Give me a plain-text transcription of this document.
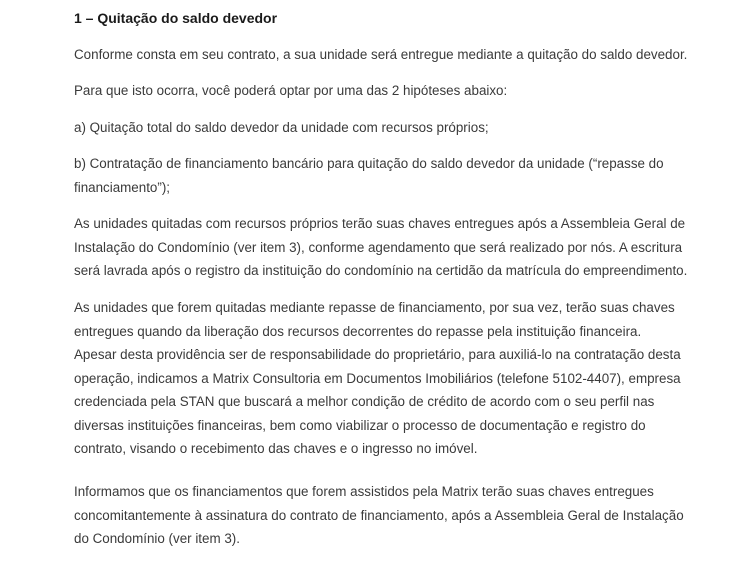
1 – Quitação do saldo devedor

Conforme consta em seu contrato, a sua unidade será entregue mediante a quitação do saldo devedor.

Para que isto ocorra, você poderá optar por uma das 2 hipóteses abaixo:

a) Quitação total do saldo devedor da unidade com recursos próprios;

b) Contratação de financiamento bancário para quitação do saldo devedor da unidade (“repasse do financiamento”);

As unidades quitadas com recursos próprios terão suas chaves entregues após a Assembleia Geral de Instalação do Condomínio (ver item 3), conforme agendamento que será realizado por nós. A escritura será lavrada após o registro da instituição do condomínio na certidão da matrícula do empreendimento.

As unidades que forem quitadas mediante repasse de financiamento, por sua vez, terão suas chaves entregues quando da liberação dos recursos decorrentes do repasse pela instituição financeira. Apesar desta providência ser de responsabilidade do proprietário, para auxiliá-lo na contratação desta operação, indicamos a Matrix Consultoria em Documentos Imobiliários (telefone 5102-4407), empresa credenciada pela STAN que buscará a melhor condição de crédito de acordo com o seu perfil nas diversas instituições financeiras, bem como viabilizar o processo de documentação e registro do contrato, visando o recebimento das chaves e o ingresso no imóvel.

Informamos que os financiamentos que forem assistidos pela Matrix terão suas chaves entregues concomitantemente à assinatura do contrato de financiamento, após a Assembleia Geral de Instalação do Condomínio (ver item 3).
